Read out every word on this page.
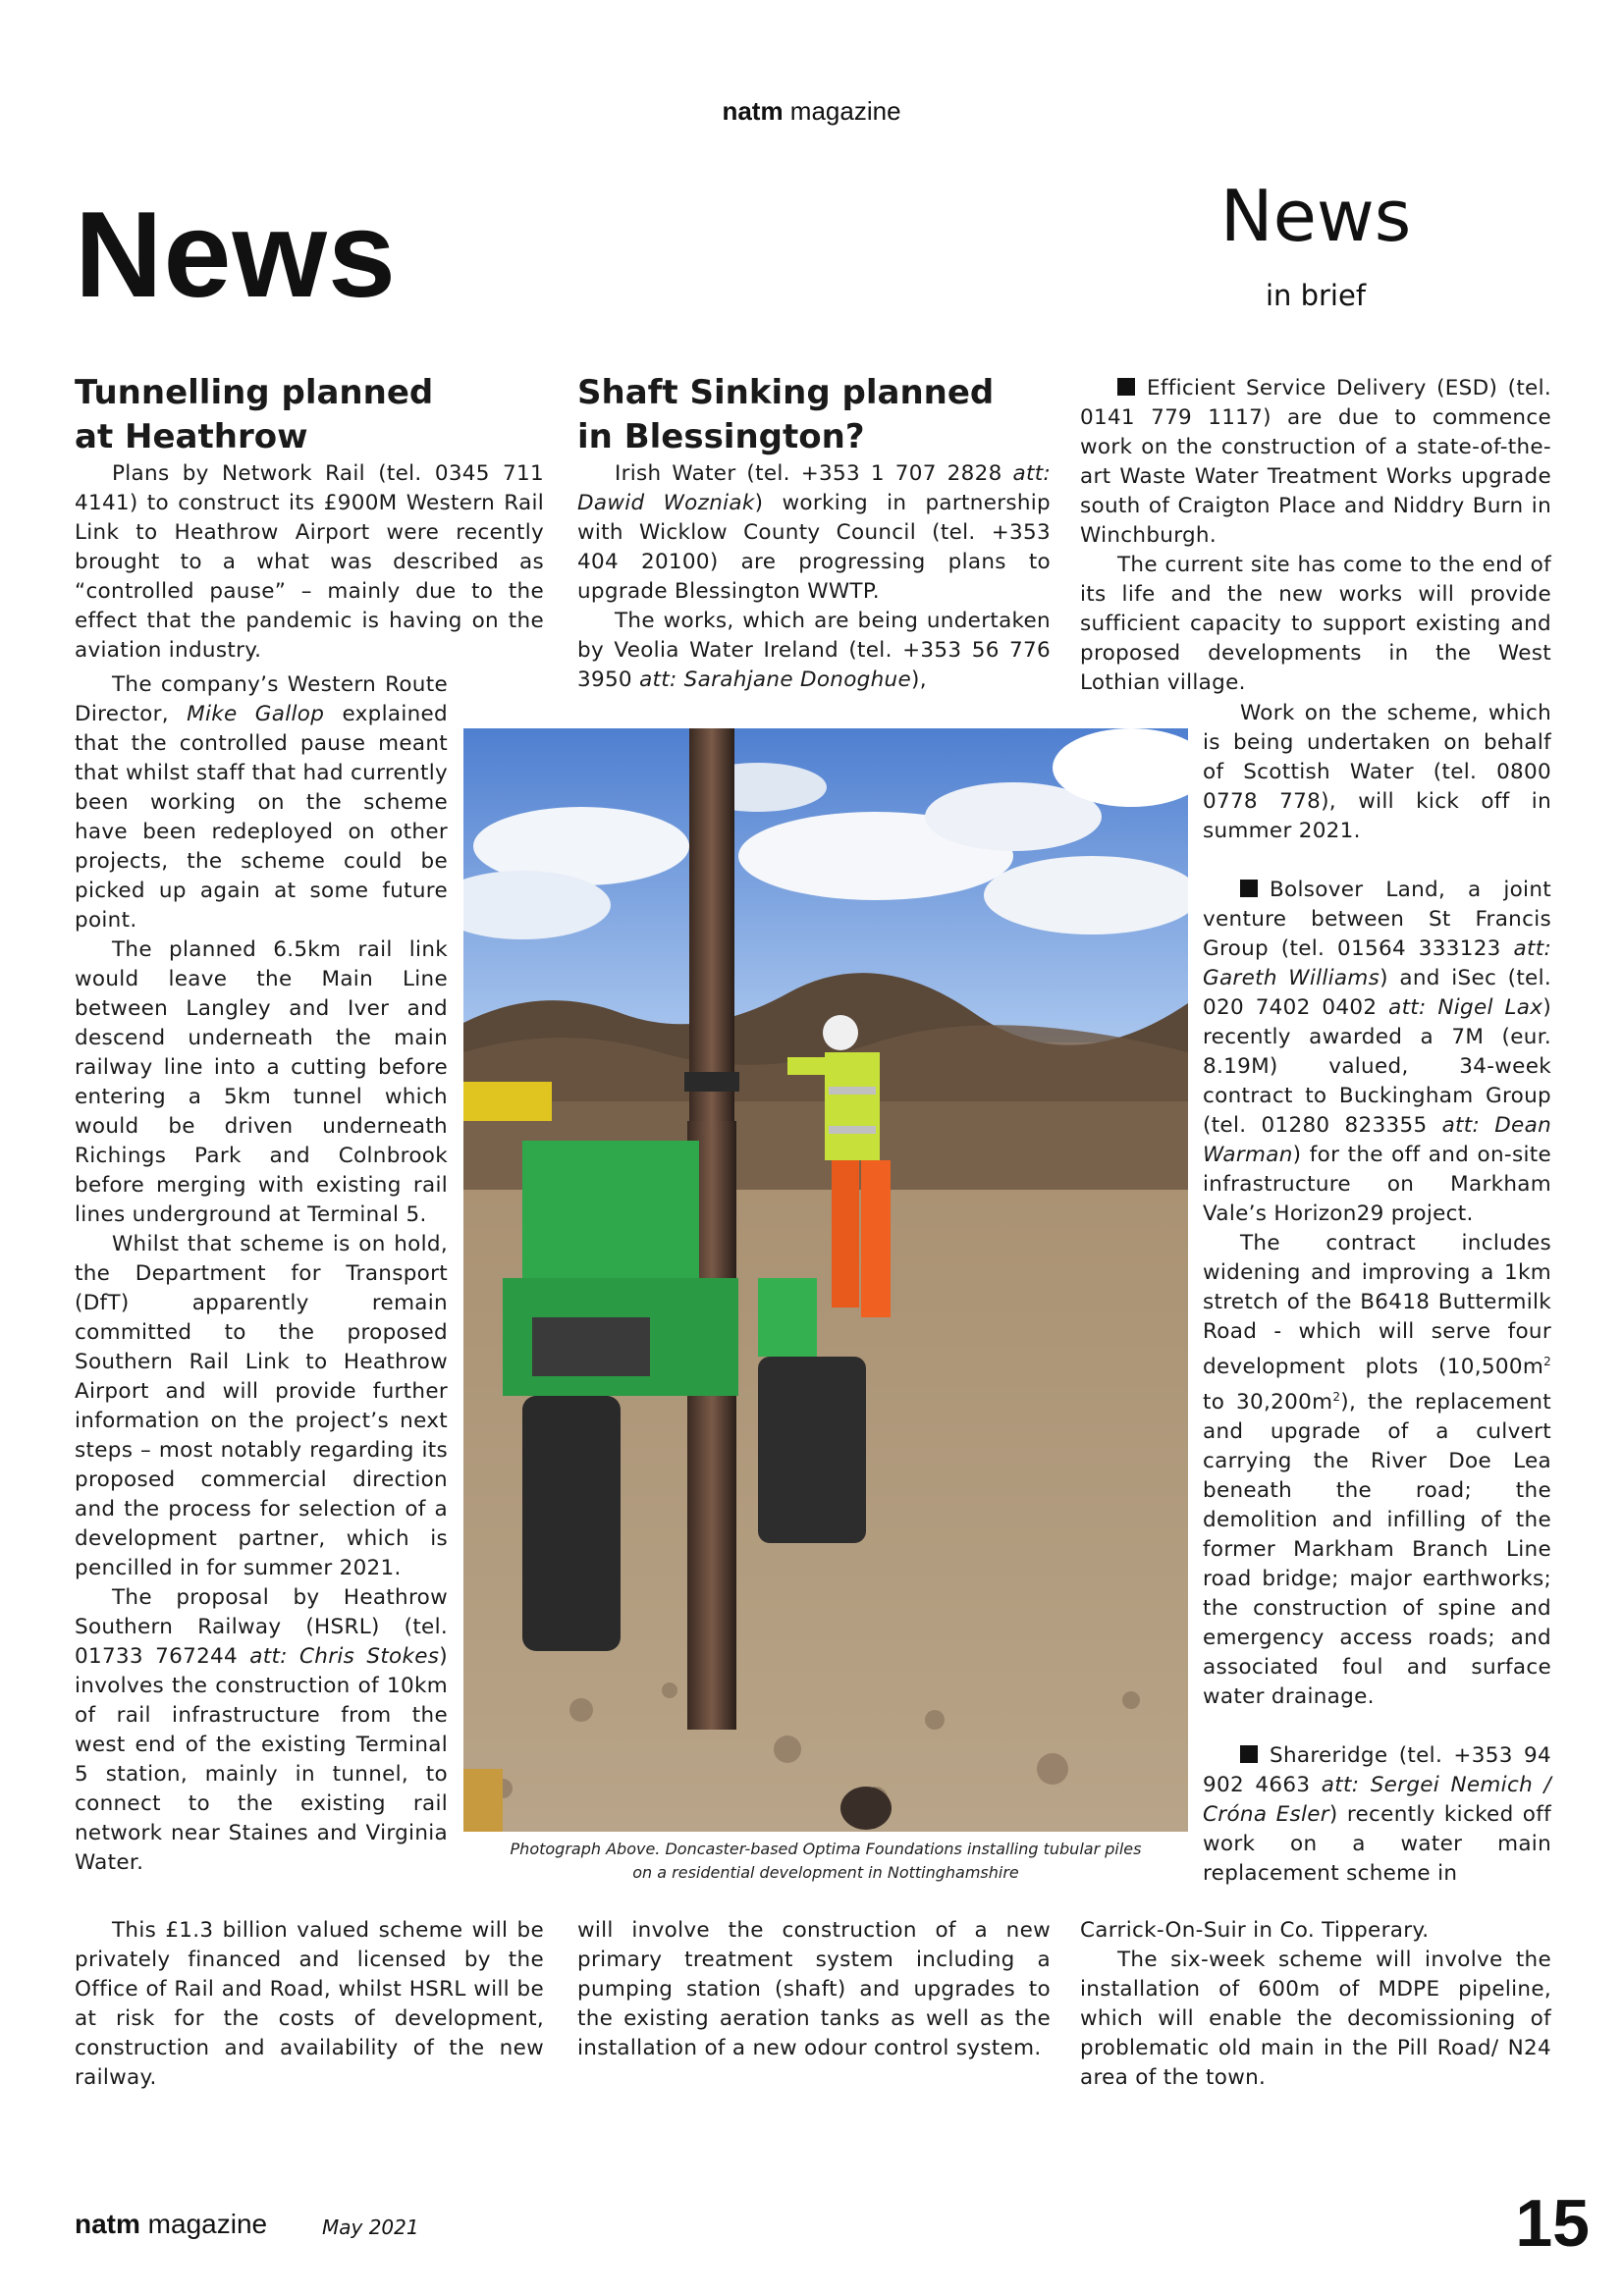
natm magazine
News	News
in brief
Tunnelling planned
at Heathrow

Plans by Network Rail (tel. 0345 711 4141) to construct its £900M Western Rail Link to Heathrow Airport were recently brought to a what was described as “controlled pause” – mainly due to the effect that the pandemic is having on the aviation industry.

The company’s Western Route Director, Mike Gallop explained that the controlled pause meant that whilst staff that had currently been working on the scheme have been redeployed on other projects, the scheme could be picked up again at some future point.

The planned 6.5km rail link would leave the Main Line between Langley and Iver and descend underneath the main railway line into a cutting before entering a 5km tunnel which would be driven underneath Richings Park and Colnbrook before merging with existing rail lines underground at Terminal 5.

Whilst that scheme is on hold, the Department for Transport (DfT) apparently remain committed to the proposed Southern Rail Link to Heathrow Airport and will provide further information on the project’s next steps – most notably regarding its proposed commercial direction and the process for selection of a development partner, which is pencilled in for summer 2021.

The proposal by Heathrow Southern Railway (HSRL) (tel. 01733 767244 att: Chris Stokes) involves the construction of 10km of rail infrastructure from the west end of the existing Terminal 5 station, mainly in tunnel, to connect to the existing rail network near Staines and Virginia Water.

This £1.3 billion valued scheme will be privately financed and licensed by the Office of Rail and Road, whilst HSRL will be at risk for the costs of development, construction and availability of the new railway.

Shaft Sinking planned
in Blessington?

Irish Water (tel. +353 1 707 2828 att: Dawid Wozniak) working in partnership with Wicklow County Council (tel. +353 404 20100) are progressing plans to upgrade Blessington WWTP.

The works, which are being undertaken by Veolia Water Ireland (tel. +353 56 776 3950 att: Sarahjane Donoghue),

will involve the construction of a new primary treatment system including a pumping station (shaft) and upgrades to the existing aeration tanks as well as the installation of a new odour control system.

Efficient Service Delivery (ESD) (tel. 0141 779 1117) are due to commence work on the construction of a state-of-the-art Waste Water Treatment Works upgrade south of Craigton Place and Niddry Burn in Winchburgh.

The current site has come to the end of its life and the new works will provide sufficient capacity to support existing and proposed developments in the West Lothian village.

Work on the scheme, which is being undertaken on behalf of Scottish Water (tel. 0800 0778 778), will kick off in summer 2021.

Bolsover Land, a joint venture between St Francis Group (tel. 01564 333123 att: Gareth Williams) and iSec (tel. 020 7402 0402 att: Nigel Lax) recently awarded a 7M (eur. 8.19M) valued, 34-week contract to Buckingham Group (tel. 01280 823355 att: Dean Warman) for the off and on-site infrastructure on Markham Vale’s Horizon29 project.

The contract includes widening and improving a 1km stretch of the B6418 Buttermilk Road - which will serve four development plots ($10,500m^2$ to $30,200m^2$), the replacement and upgrade of a culvert carrying the River Doe Lea beneath the road; the demolition and infilling of the former Markham Branch Line road bridge; major earthworks; the construction of spine and emergency access roads; and associated foul and surface water drainage.

Shareridge (tel. +353 94 902 4663 att: Sergei Nemich / Cróna Esler) recently kicked off work on a water main replacement scheme in

Carrick-On-Suir in Co. Tipperary.

The six-week scheme will involve the installation of 600m of MDPE pipeline, which will enable the decomissioning of problematic old main in the Pill Road/ N24 area of the town.

Photograph Above. Doncaster-based Optima Foundations installing tubular piles
on a residential development in Nottinghamshire
natm magazine	May 2021	15
